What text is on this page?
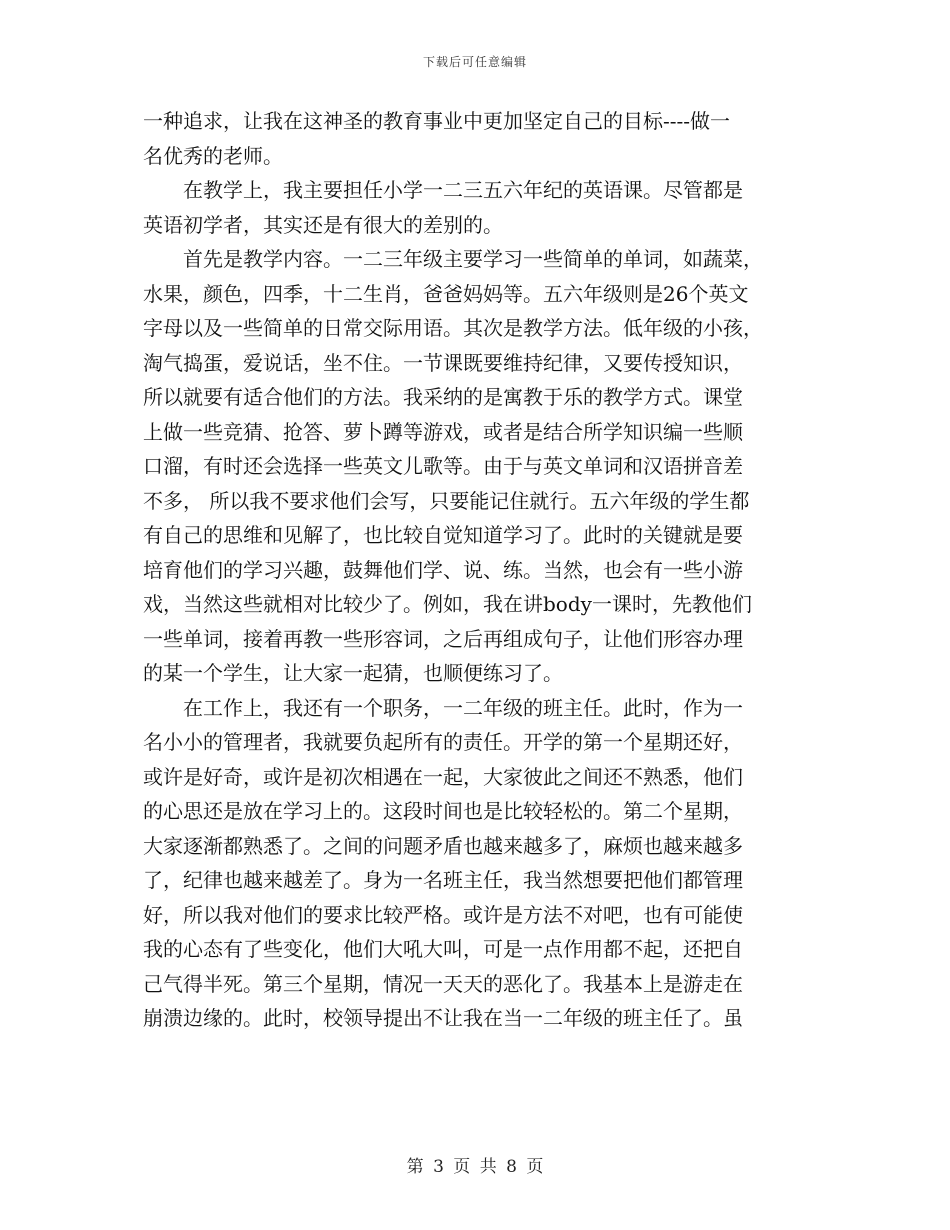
下载后可任意编辑
一种追求，让我在这神圣的教育事业中更加坚定自己的目标----做一
名优秀的老师。
在教学上，我主要担任小学一二三五六年纪的英语课。尽管都是
英语初学者，其实还是有很大的差别的。
首先是教学内容。一二三年级主要学习一些简单的单词，如蔬菜，
水果，颜色，四季，十二生肖，爸爸妈妈等。五六年级则是26个英文
字母以及一些简单的日常交际用语。其次是教学方法。低年级的小孩，
淘气捣蛋，爱说话，坐不住。一节课既要维持纪律，又要传授知识，
所以就要有适合他们的方法。我采纳的是寓教于乐的教学方式。课堂
上做一些竞猜、抢答、萝卜蹲等游戏，或者是结合所学知识编一些顺
口溜，有时还会选择一些英文儿歌等。由于与英文单词和汉语拼音差
不多， 所以我不要求他们会写，只要能记住就行。五六年级的学生都
有自己的思维和见解了，也比较自觉知道学习了。此时的关键就是要
培育他们的学习兴趣，鼓舞他们学、说、练。当然，也会有一些小游
戏，当然这些就相对比较少了。例如，我在讲body一课时，先教他们
一些单词，接着再教一些形容词，之后再组成句子，让他们形容办理
的某一个学生，让大家一起猜，也顺便练习了。
在工作上，我还有一个职务，一二年级的班主任。此时，作为一
名小小的管理者，我就要负起所有的责任。开学的第一个星期还好，
或许是好奇，或许是初次相遇在一起，大家彼此之间还不熟悉，他们
的心思还是放在学习上的。这段时间也是比较轻松的。第二个星期，
大家逐渐都熟悉了。之间的问题矛盾也越来越多了，麻烦也越来越多
了，纪律也越来越差了。身为一名班主任，我当然想要把他们都管理
好，所以我对他们的要求比较严格。或许是方法不对吧，也有可能使
我的心态有了些变化，他们大吼大叫，可是一点作用都不起，还把自
己气得半死。第三个星期，情况一天天的恶化了。我基本上是游走在
崩溃边缘的。此时，校领导提出不让我在当一二年级的班主任了。虽
第 3 页 共 8 页
